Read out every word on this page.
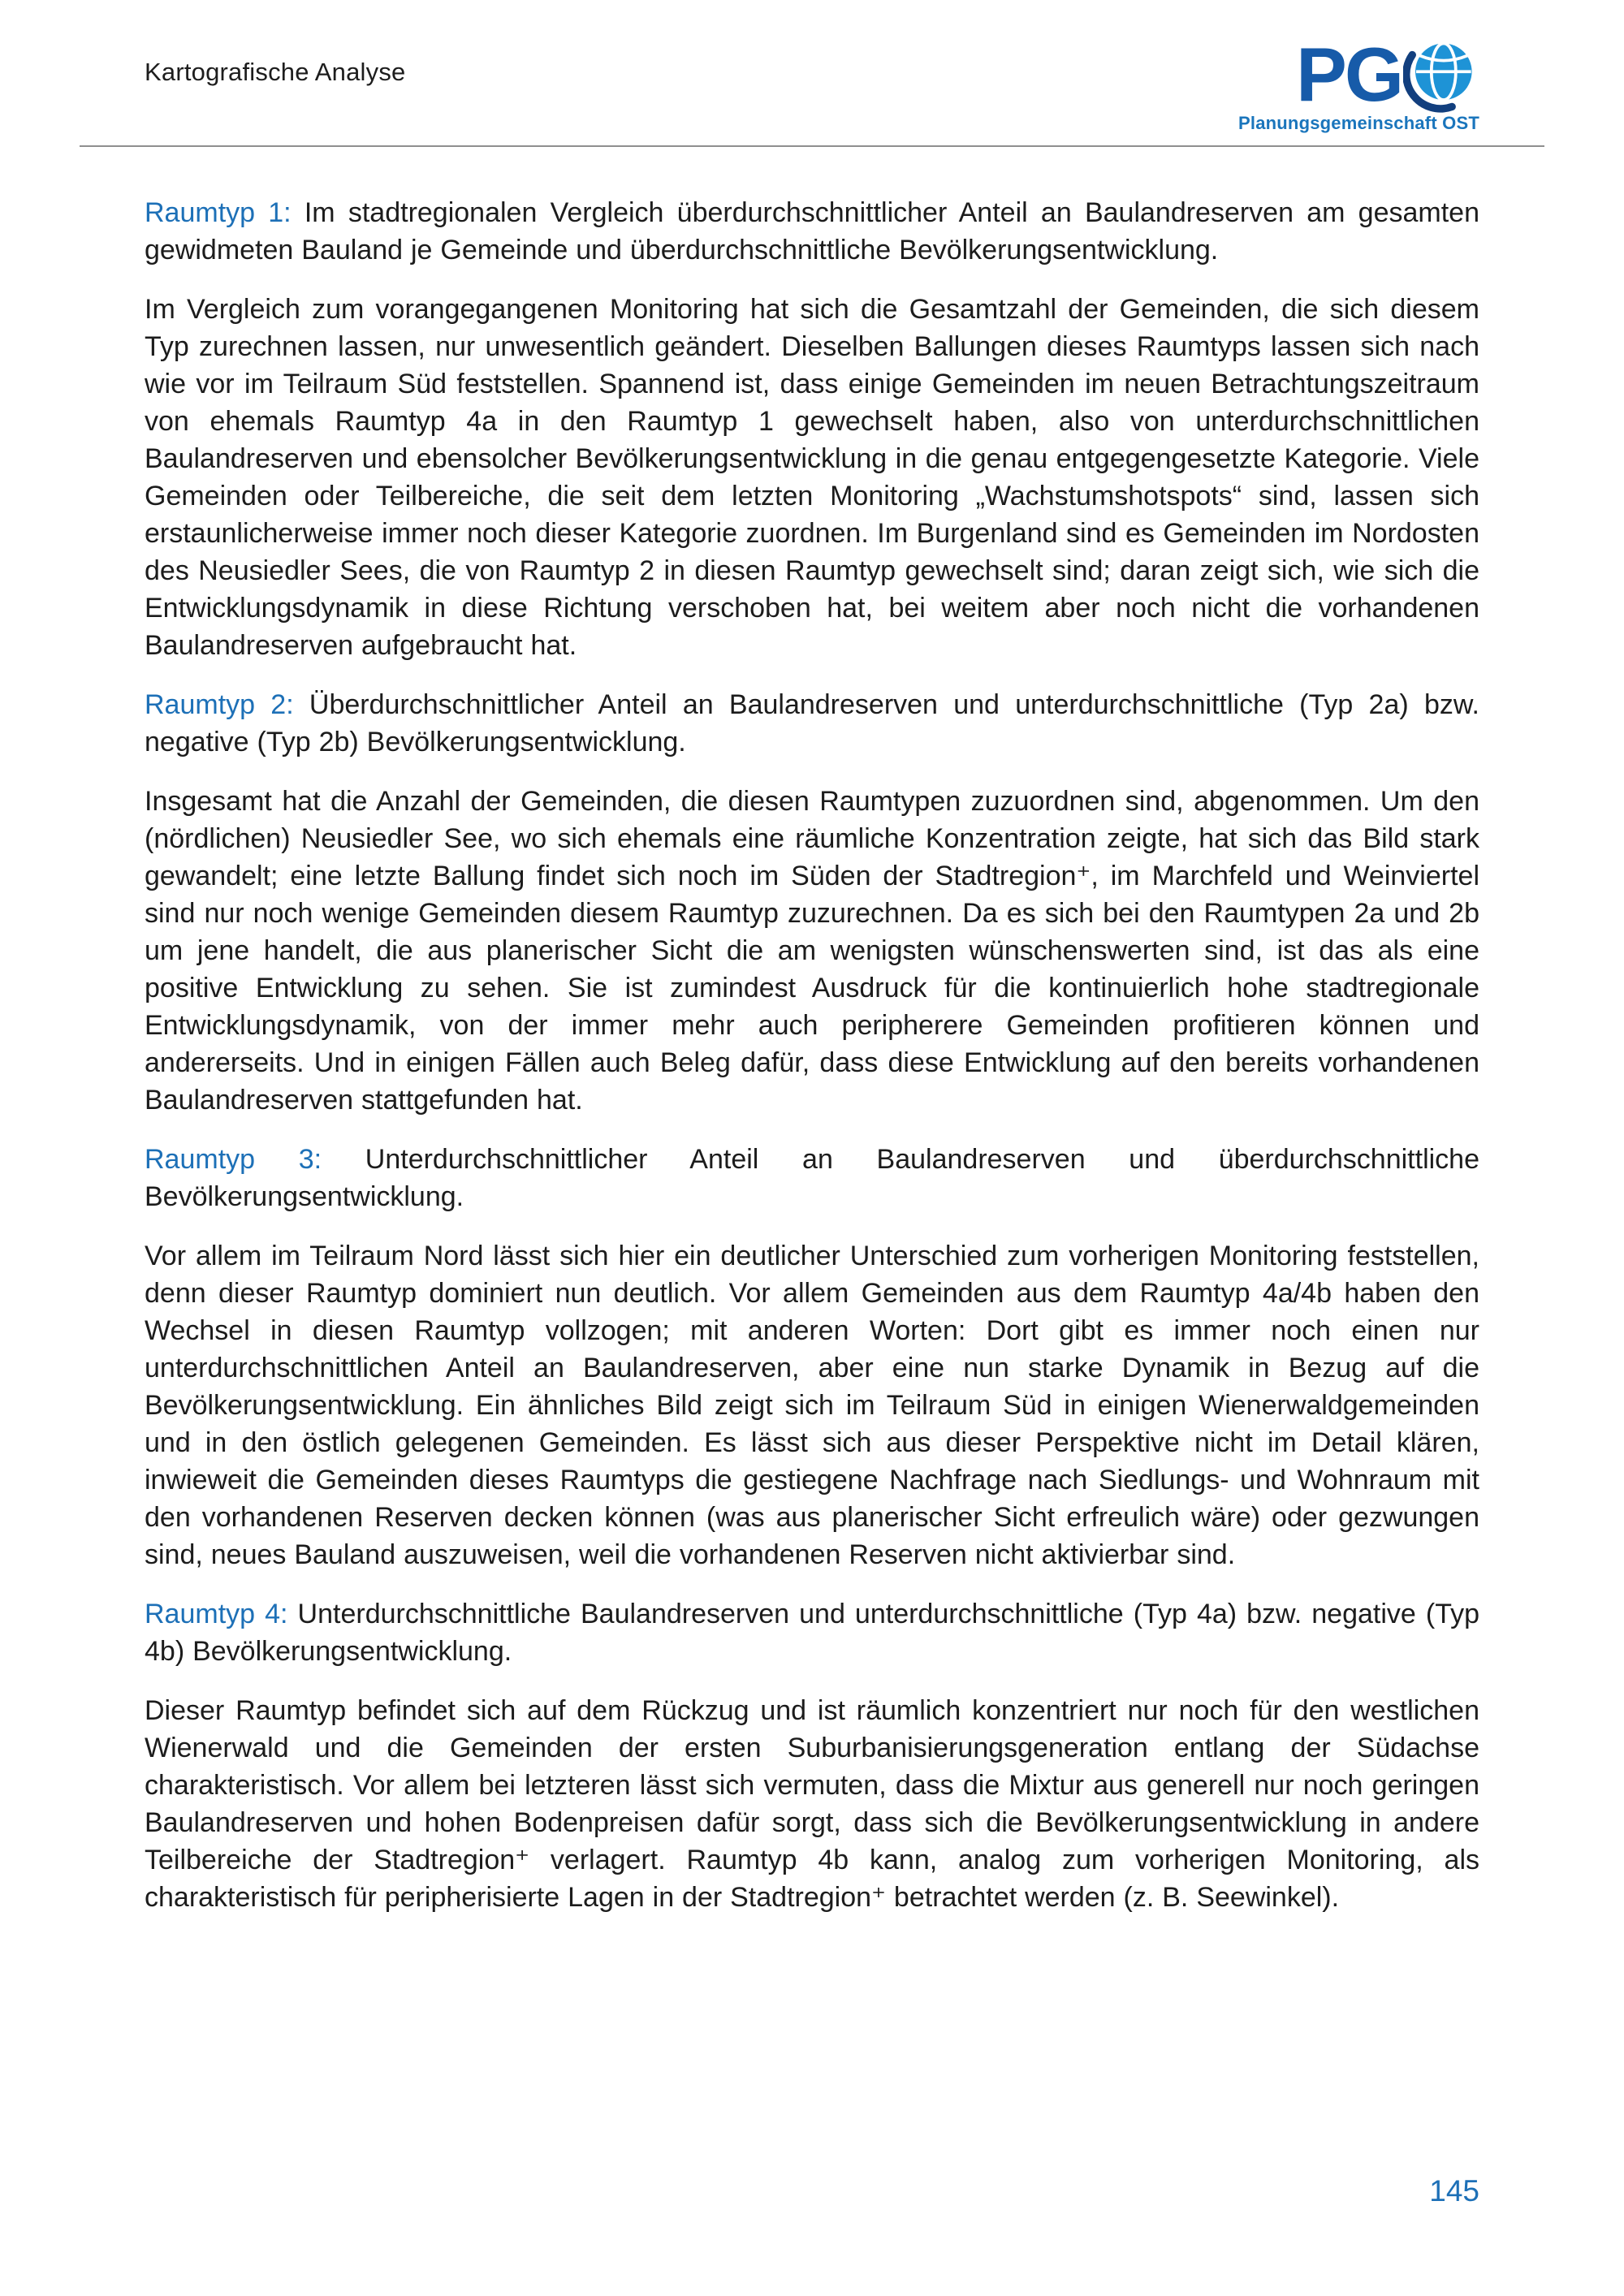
Kartografische Analyse	PG
Planungsgemeinschaft OST

Raumtyp 1: Im stadtregionalen Vergleich überdurchschnittlicher Anteil an Baulandreserven am gesamten gewidmeten Bauland je Gemeinde und überdurchschnittliche Bevölkerungsentwicklung.

Im Vergleich zum vorangegangenen Monitoring hat sich die Gesamtzahl der Gemeinden, die sich diesem Typ zurechnen lassen, nur unwesentlich geändert. Dieselben Ballungen dieses Raumtyps lassen sich nach wie vor im Teilraum Süd feststellen. Spannend ist, dass einige Gemeinden im neuen Betrachtungszeitraum von ehemals Raumtyp 4a in den Raumtyp 1 gewechselt haben, also von unterdurchschnittlichen Baulandreserven und ebensolcher Bevölkerungsentwicklung in die genau entgegengesetzte Kategorie. Viele Gemeinden oder Teilbereiche, die seit dem letzten Monitoring „Wachstumshotspots“ sind, lassen sich erstaunlicherweise immer noch dieser Kategorie zuordnen. Im Burgenland sind es Gemeinden im Nordosten des Neusiedler Sees, die von Raumtyp 2 in diesen Raumtyp gewechselt sind; daran zeigt sich, wie sich die Entwicklungsdynamik in diese Richtung verschoben hat, bei weitem aber noch nicht die vorhandenen Baulandreserven aufgebraucht hat.

Raumtyp 2: Überdurchschnittlicher Anteil an Baulandreserven und unterdurchschnittliche (Typ 2a) bzw. negative (Typ 2b) Bevölkerungsentwicklung.

Insgesamt hat die Anzahl der Gemeinden, die diesen Raumtypen zuzuordnen sind, abgenommen. Um den (nördlichen) Neusiedler See, wo sich ehemals eine räumliche Konzentration zeigte, hat sich das Bild stark gewandelt; eine letzte Ballung findet sich noch im Süden der Stadtregion⁺, im Marchfeld und Weinviertel sind nur noch wenige Gemeinden diesem Raumtyp zuzurechnen. Da es sich bei den Raumtypen 2a und 2b um jene handelt, die aus planerischer Sicht die am wenigsten wünschenswerten sind, ist das als eine positive Entwicklung zu sehen. Sie ist zumindest Ausdruck für die kontinuierlich hohe stadtregionale Entwicklungsdynamik, von der immer mehr auch peripherere Gemeinden profitieren können und andererseits. Und in einigen Fällen auch Beleg dafür, dass diese Entwicklung auf den bereits vorhandenen Baulandreserven stattgefunden hat.

Raumtyp 3: Unterdurchschnittlicher Anteil an Baulandreserven und überdurchschnittliche Bevölkerungsentwicklung.

Vor allem im Teilraum Nord lässt sich hier ein deutlicher Unterschied zum vorherigen Monitoring feststellen, denn dieser Raumtyp dominiert nun deutlich. Vor allem Gemeinden aus dem Raumtyp 4a/4b haben den Wechsel in diesen Raumtyp vollzogen; mit anderen Worten: Dort gibt es immer noch einen nur unterdurchschnittlichen Anteil an Baulandreserven, aber eine nun starke Dynamik in Bezug auf die Bevölkerungsentwicklung. Ein ähnliches Bild zeigt sich im Teilraum Süd in einigen Wienerwaldgemeinden und in den östlich gelegenen Gemeinden. Es lässt sich aus dieser Perspektive nicht im Detail klären, inwieweit die Gemeinden dieses Raumtyps die gestiegene Nachfrage nach Siedlungs- und Wohnraum mit den vorhandenen Reserven decken können (was aus planerischer Sicht erfreulich wäre) oder gezwungen sind, neues Bauland auszuweisen, weil die vorhandenen Reserven nicht aktivierbar sind.

Raumtyp 4: Unterdurchschnittliche Baulandreserven und unterdurchschnittliche (Typ 4a) bzw. negative (Typ 4b) Bevölkerungsentwicklung.

Dieser Raumtyp befindet sich auf dem Rückzug und ist räumlich konzentriert nur noch für den westlichen Wienerwald und die Gemeinden der ersten Suburbanisierungsgeneration entlang der Südachse charakteristisch. Vor allem bei letzteren lässt sich vermuten, dass die Mixtur aus generell nur noch geringen Baulandreserven und hohen Bodenpreisen dafür sorgt, dass sich die Bevölkerungsentwicklung in andere Teilbereiche der Stadtregion⁺ verlagert. Raumtyp 4b kann, analog zum vorherigen Monitoring, als charakteristisch für peripherisierte Lagen in der Stadtregion⁺ betrachtet werden (z. B. Seewinkel).

145
